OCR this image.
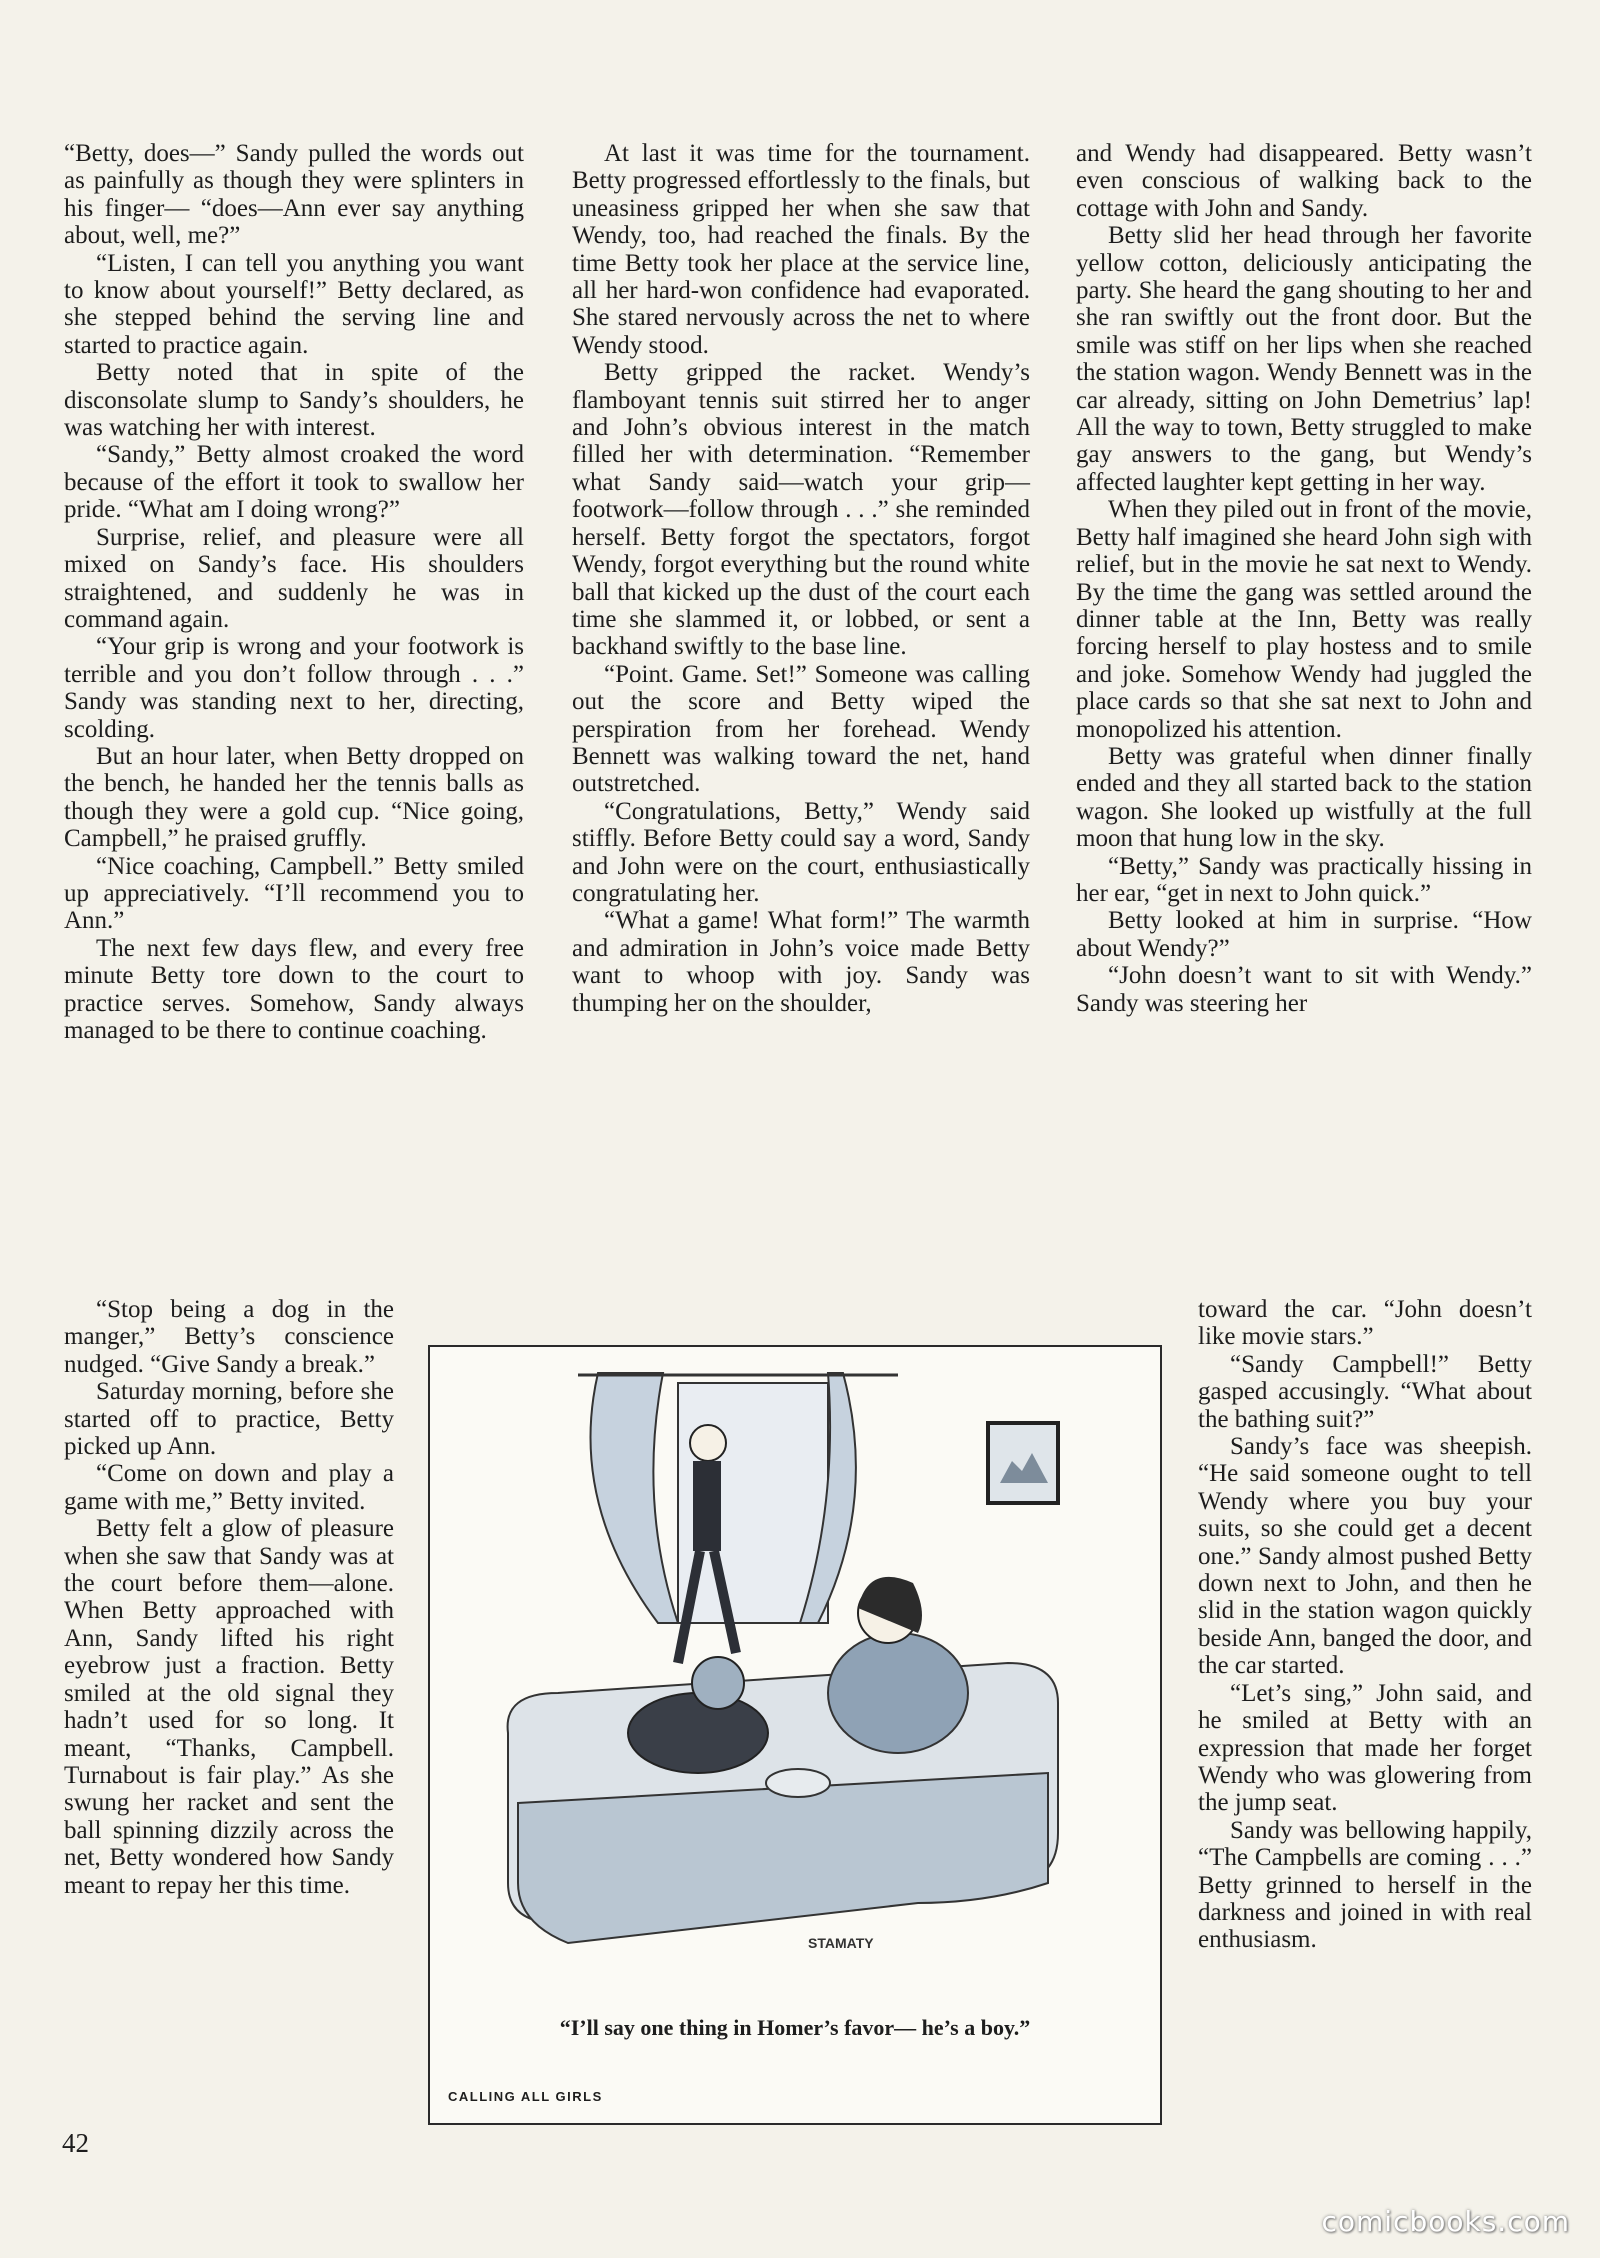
“Betty, does—” Sandy pulled the words out as painfully as though they were splinters in his finger— “does—Ann ever say anything about, well, me?”

“Listen, I can tell you anything you want to know about yourself!” Betty declared, as she stepped behind the serving line and started to practice again.

Betty noted that in spite of the disconsolate slump to Sandy’s shoulders, he was watching her with interest.

“Sandy,” Betty almost croaked the word because of the effort it took to swallow her pride. “What am I doing wrong?”

Surprise, relief, and pleasure were all mixed on Sandy’s face. His shoulders straightened, and suddenly he was in command again.

“Your grip is wrong and your footwork is terrible and you don’t follow through . . .” Sandy was standing next to her, directing, scolding.

But an hour later, when Betty dropped on the bench, he handed her the tennis balls as though they were a gold cup. “Nice going, Campbell,” he praised gruffly.

“Nice coaching, Campbell.” Betty smiled up appreciatively. “I’ll recommend you to Ann.”

The next few days flew, and every free minute Betty tore down to the court to practice serves. Somehow, Sandy always managed to be there to continue coaching.

“Stop being a dog in the manger,” Betty’s conscience nudged. “Give Sandy a break.”

Saturday morning, before she started off to practice, Betty picked up Ann.

“Come on down and play a game with me,” Betty invited.

Betty felt a glow of pleasure when she saw that Sandy was at the court before them—alone. When Betty approached with Ann, Sandy lifted his right eyebrow just a fraction. Betty smiled at the old signal they hadn’t used for so long. It meant, “Thanks, Campbell. Turnabout is fair play.” As she swung her racket and sent the ball spinning dizzily across the net, Betty wondered how Sandy meant to repay her this time.

At last it was time for the tournament. Betty progressed effortlessly to the finals, but uneasiness gripped her when she saw that Wendy, too, had reached the finals. By the time Betty took her place at the service line, all her hard-won confidence had evaporated. She stared nervously across the net to where Wendy stood.

Betty gripped the racket. Wendy’s flamboyant tennis suit stirred her to anger and John’s obvious interest in the match filled her with determination. “Remember what Sandy said—watch your grip—footwork—follow through . . .” she reminded herself. Betty forgot the spectators, forgot Wendy, forgot everything but the round white ball that kicked up the dust of the court each time she slammed it, or lobbed, or sent a backhand swiftly to the base line.

“Point. Game. Set!” Someone was calling out the score and Betty wiped the perspiration from her forehead. Wendy Bennett was walking toward the net, hand outstretched.

“Congratulations, Betty,” Wendy said stiffly. Before Betty could say a word, Sandy and John were on the court, enthusiastically congratulating her.

“What a game! What form!” The warmth and admiration in John’s voice made Betty want to whoop with joy. Sandy was thumping her on the shoulder,

and Wendy had disappeared. Betty wasn’t even conscious of walking back to the cottage with John and Sandy.

Betty slid her head through her favorite yellow cotton, deliciously anticipating the party. She heard the gang shouting to her and she ran swiftly out the front door. But the smile was stiff on her lips when she reached the station wagon. Wendy Bennett was in the car already, sitting on John Demetrius’ lap! All the way to town, Betty struggled to make gay answers to the gang, but Wendy’s affected laughter kept getting in her way.

When they piled out in front of the movie, Betty half imagined she heard John sigh with relief, but in the movie he sat next to Wendy. By the time the gang was settled around the dinner table at the Inn, Betty was really forcing herself to play hostess and to smile and joke. Somehow Wendy had juggled the place cards so that she sat next to John and monopolized his attention.

Betty was grateful when dinner finally ended and they all started back to the station wagon. She looked up wistfully at the full moon that hung low in the sky.

“Betty,” Sandy was practically hissing in her ear, “get in next to John quick.”

Betty looked at him in surprise. “How about Wendy?”

“John doesn’t want to sit with Wendy.” Sandy was steering her

toward the car. “John doesn’t like movie stars.”

“Sandy Campbell!” Betty gasped accusingly. “What about the bathing suit?”

Sandy’s face was sheepish. “He said someone ought to tell Wendy where you buy your suits, so she could get a decent one.” Sandy almost pushed Betty down next to John, and then he slid in the station wagon quickly beside Ann, banged the door, and the car started.

“Let’s sing,” John said, and he smiled at Betty with an expression that made her forget Wendy who was glowering from the jump seat.

Sandy was bellowing happily, “The Campbells are coming . . .” Betty grinned to herself in the darkness and joined in with real enthusiasm.

STAMATY
“I’ll say one thing in Homer’s favor— he’s a boy.”
CALLING ALL GIRLS
42
comicbooks.com
